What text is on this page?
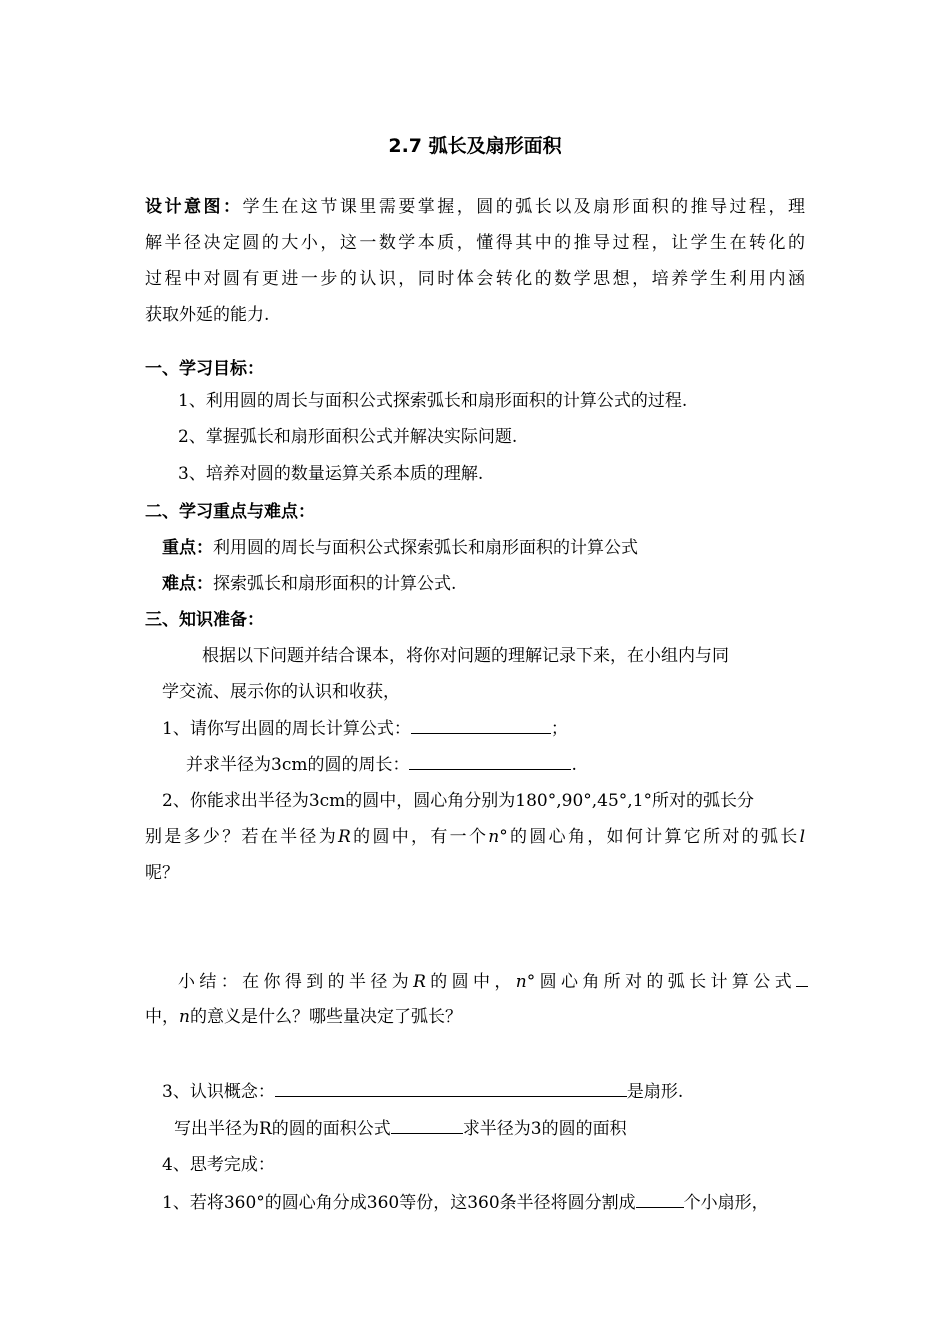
2.7 弧长及扇形面积
设计意图：学生在这节课里需要掌握，圆的弧长以及扇形面积的推导过程，理
解半径决定圆的大小，这一数学本质，懂得其中的推导过程，让学生在转化的
过程中对圆有更进一步的认识，同时体会转化的数学思想，培养学生利用内涵
获取外延的能力.
一、学习目标：
1、利用圆的周长与面积公式探索弧长和扇形面积的计算公式的过程.
2、掌握弧长和扇形面积公式并解决实际问题.
3、培养对圆的数量运算关系本质的理解.
二、学习重点与难点：
重点：利用圆的周长与面积公式探索弧长和扇形面积的计算公式
难点：探索弧长和扇形面积的计算公式.
三、知识准备：
根据以下问题并结合课本，将你对问题的理解记录下来，在小组内与同
学交流、展示你的认识和收获，
1、请你写出圆的周长计算公式：	；
并求半径为3cm的圆的周长：	.
2、你能求出半径为3cm的圆中，圆心角分别为180°,90°,45°,1°所对的弧长分
别是多少？若在半径为R的圆中，有一个n°的圆心角，如何计算它所对的弧长l
呢？
小结：在你得到的半径为R的圆中，n°圆心角所对的弧长计算公式
中，n的意义是什么？哪些量决定了弧长？
3、认识概念：	是扇形.
写出半径为R的圆的面积公式	求半径为3的圆的面积
4、思考完成：
1、若将360°的圆心角分成360等份，这360条半径将圆分割成	个小扇形，
